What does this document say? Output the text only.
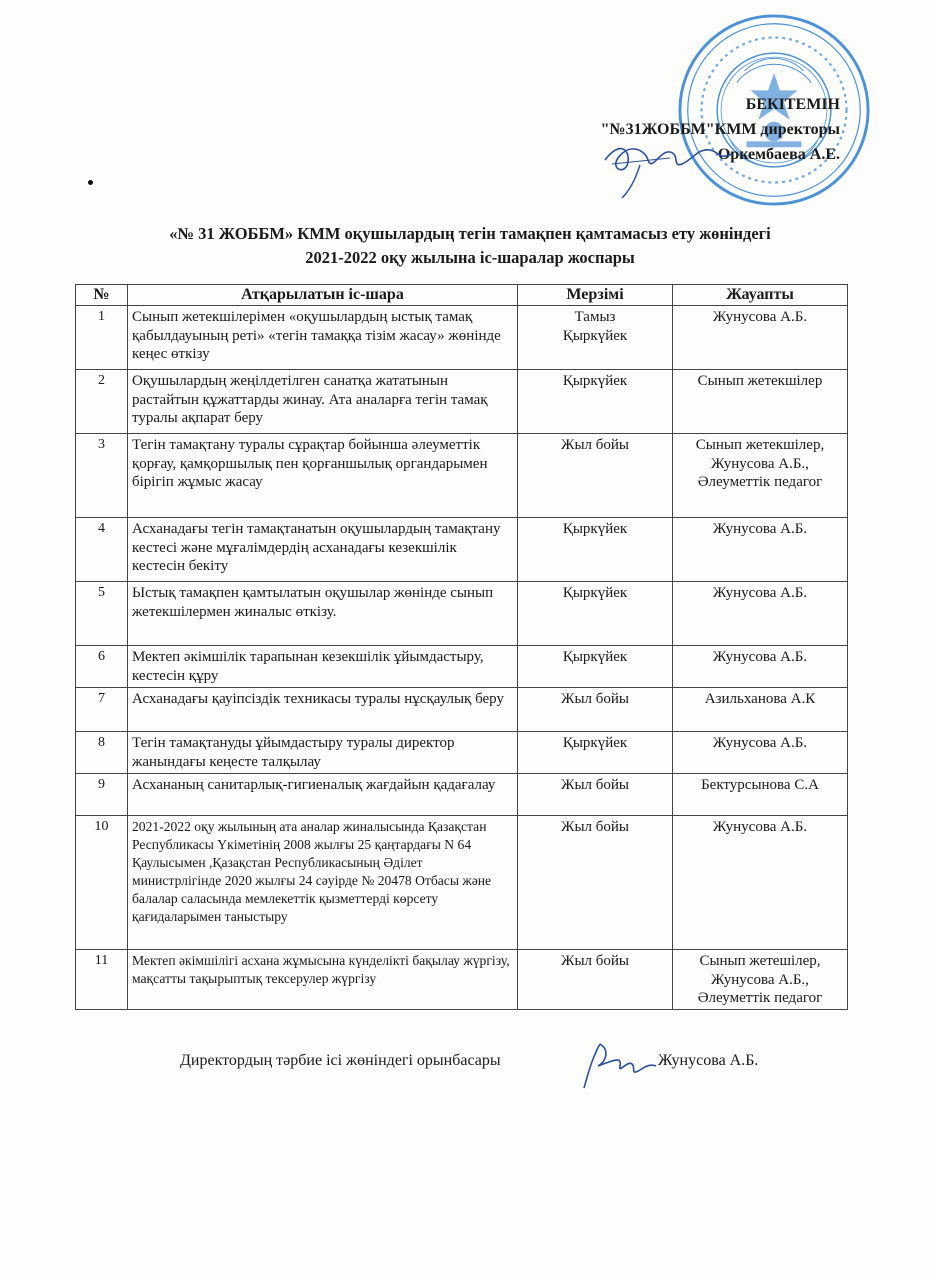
БЕКІТЕМІН
"№31ЖОББМ"КММ директоры
Оркембаева А.Е.
«№ 31 ЖОББМ» КММ оқушылардың тегін тамақпен қамтамасыз ету жөніндегі
2021-2022 оқу жылына іс-шаралар жоспары
№	Атқарылатын іс-шара	Мерзімі	Жауапты
1	Сынып жетекшілерімен «оқушылардың ыстық тамақ қабылдауының реті» «тегін тамаққа тізім жасау» жөнінде кеңес өткізу	Тамыз Қыркүйек	Жунусова А.Б.
2	Оқушылардың жеңілдетілген санатқа жататынын растайтын құжаттарды жинау. Ата аналарға тегін тамақ туралы ақпарат беру	Қыркүйек	Сынып жетекшілер
3	Тегін тамақтану туралы сұрақтар бойынша әлеуметтік қорғау, қамқоршылық пен қорғаншылық органдарымен бірігіп жұмыс жасау	Жыл бойы	Сынып жетекшілер, Жунусова А.Б., Әлеуметтік педагог
4	Асханадағы тегін тамақтанатын оқушылардың тамақтану кестесі және мұғалімдердің асханадағы кезекшілік кестесін бекіту	Қыркүйек	Жунусова А.Б.
5	Ыстық тамақпен қамтылатын оқушылар жөнінде сынып жетекшілермен жиналыс өткізу.	Қыркүйек	Жунусова А.Б.
6	Мектеп әкімшілік тарапынан кезекшілік ұйымдастыру, кестесін құру	Қыркүйек	Жунусова А.Б.
7	Асханадағы қауіпсіздік техникасы туралы нұсқаулық беру	Жыл бойы	Азильханова А.К
8	Тегін тамақтануды ұйымдастыру туралы директор жанындағы кеңесте талқылау	Қыркүйек	Жунусова А.Б.
9	Асхананың санитарлық-гигиеналық жағдайын қадағалау	Жыл бойы	Бектурсынова С.А
10	2021-2022 оқу жылының ата аналар жиналысында Қазақстан Республикасы Үкіметінің 2008 жылғы 25 қаңтардағы N 64 Қаулысымен ,Қазақстан Республикасының Әділет министрлігінде 2020 жылғы 24 сәуірде № 20478 Отбасы және балалар саласында мемлекеттік қызметтерді көрсету қағидаларымен таныстыру	Жыл бойы	Жунусова А.Б.
11	Мектеп әкімшілігі асхана жұмысына күнделікті бақылау жүргізу, мақсатты тақырыптық тексерулер жүргізу	Жыл бойы	Сынып жетешілер, Жунусова А.Б., Әлеуметтік педагог
Директордың тәрбие ісі жөніндегі орынбасары	Жунусова А.Б.
